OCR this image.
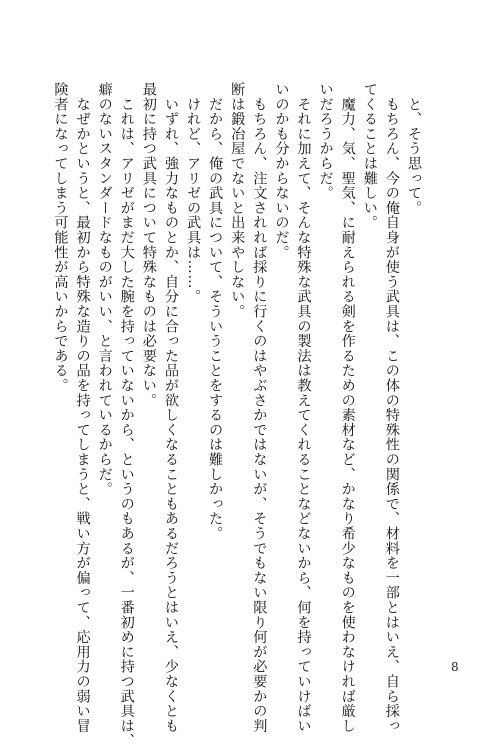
　と、そう思って。
　もちろん、今の俺自身が使う武具は、この体の特殊性の関係で、材料を一部とはいえ、自ら採っ
てくることは難しい。
　魔力、気、聖気、に耐えられる剣を作るための素材など、かなり希少なものを使わなければ厳し
いだろうからだ。
　それに加えて、そんな特殊な武具の製法は教えてくれることなどないから、何を持っていけばい
いのかも分からないのだ。
　もちろん、注文されれば採りに行くのはやぶさかではないが、そうでもない限り何が必要かの判
断は鍛冶屋でないと出来やしない。
　だから、俺の武具について、そういうことをするのは難しかった。
　けれど、アリゼの武具は……。
　いずれ、強力なものとか、自分に合った品が欲しくなることもあるだろうとはいえ、少なくとも
最初に持つ武具について特殊なものは必要ない。
　これは、アリゼがまだ大した腕を持っていないから、というのもあるが、一番初めに持つ武具は、
癖のないスタンダードなものがいい、と言われているからだ。
　なぜかというと、最初から特殊な造りの品を持ってしまうと、戦い方が偏って、応用力の弱い冒
険者になってしまう可能性が高いからである。
8
